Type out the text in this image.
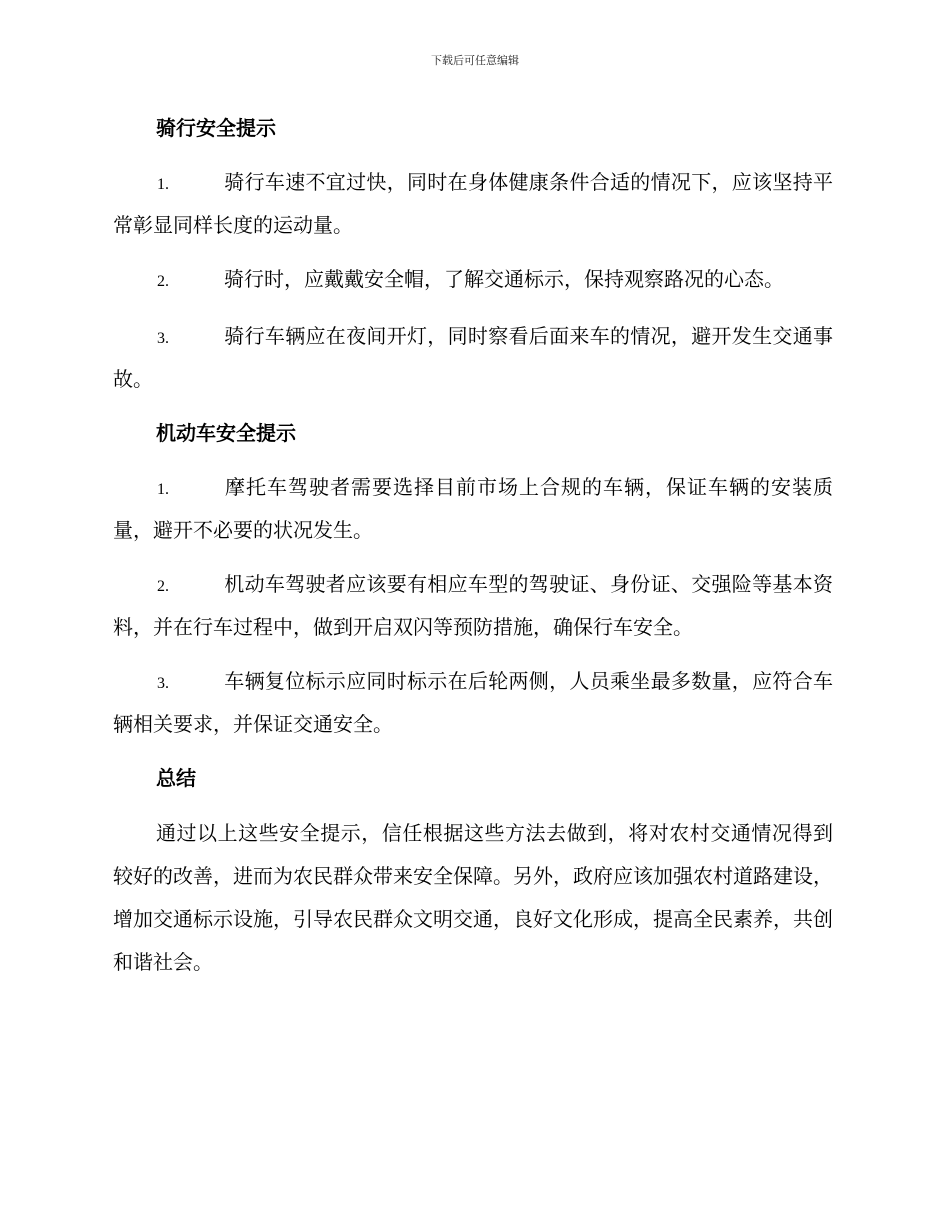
下载后可任意编辑
骑行安全提示
1.	骑行车速不宜过快，同时在身体健康条件合适的情况下，应该坚持平常彰显同样长度的运动量。
2.	骑行时，应戴戴安全帽，了解交通标示，保持观察路况的心态。
3.	骑行车辆应在夜间开灯，同时察看后面来车的情况，避开发生交通事故。
机动车安全提示
1.	摩托车驾驶者需要选择目前市场上合规的车辆，保证车辆的安装质量，避开不必要的状况发生。
2.	机动车驾驶者应该要有相应车型的驾驶证、身份证、交强险等基本资料，并在行车过程中，做到开启双闪等预防措施，确保行车安全。
3.	车辆复位标示应同时标示在后轮两侧，人员乘坐最多数量，应符合车辆相关要求，并保证交通安全。
总结

通过以上这些安全提示，信任根据这些方法去做到，将对农村交通情况得到较好的改善，进而为农民群众带来安全保障。另外，政府应该加强农村道路建设，增加交通标示设施，引导农民群众文明交通，良好文化形成，提高全民素养，共创和谐社会。
